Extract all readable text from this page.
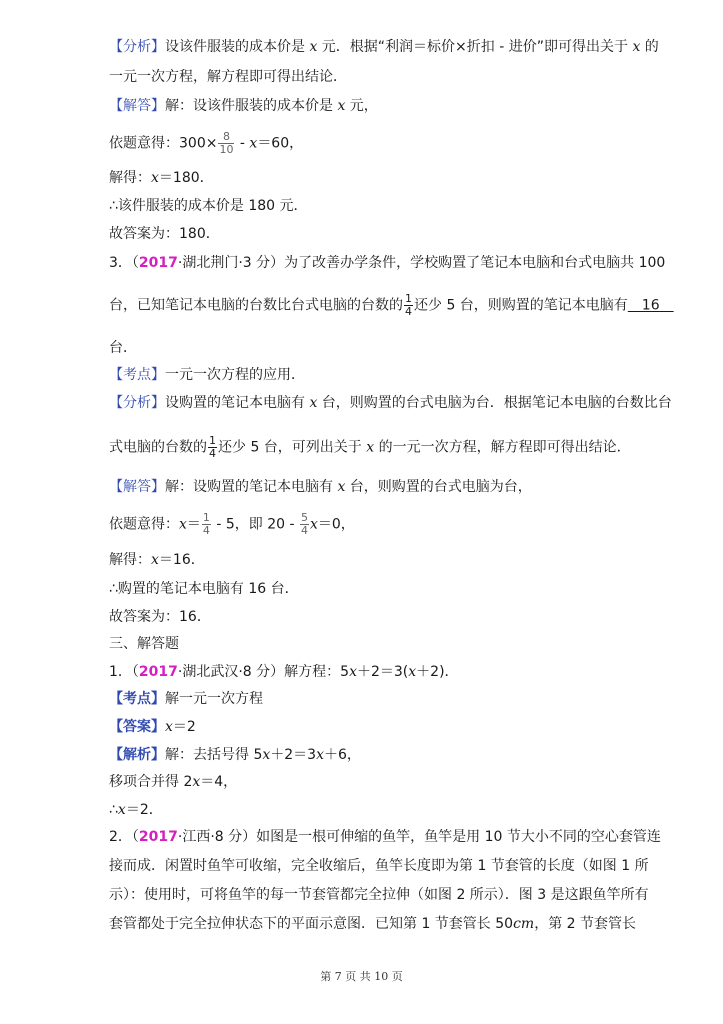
【分析】设该件服装的成本价是 x 元．根据“利润＝标价×折扣 - 进价”即可得出关于 x 的
一元一次方程，解方程即可得出结论．
【解答】解：设该件服装的成本价是 x 元，
依题意得：$300\times \frac{8}{10} - x=60$，
解得：x＝180．
∴该件服装的成本价是 180 元．
故答案为：180．
3．（2017·湖北荆门·3 分）为了改善办学条件，学校购置了笔记本电脑和台式电脑共 100
台，已知笔记本电脑的台数比台式电脑的台数的 $\frac{1}{4}$ 还少 5 台，则购置的笔记本电脑有　16　
台．
【考点】一元一次方程的应用．
【分析】设购置的笔记本电脑有 x 台，则购置的台式电脑为台．根据笔记本电脑的台数比台
式电脑的台数的 $\frac{1}{4}$ 还少 5 台，可列出关于 x 的一元一次方程，解方程即可得出结论．
【解答】解：设购置的笔记本电脑有 x 台，则购置的台式电脑为台，
依题意得：$x= \frac{1}{4} - 5$，即 $20 - \frac{5}{4} x=0$，
解得：x＝16．
∴购置的笔记本电脑有 16 台．
故答案为：16．
三、解答题
1．（2017·湖北武汉·8 分）解方程：5x＋2＝3(x＋2)．
【考点】解一元一次方程
【答案】x＝2
【解析】解：去括号得 5x＋2＝3x＋6，
移项合并得 2x＝4，
∴x＝2．
2．（2017·江西·8 分）如图是一根可伸缩的鱼竿，鱼竿是用 10 节大小不同的空心套管连
接而成．闲置时鱼竿可收缩，完全收缩后，鱼竿长度即为第 1 节套管的长度（如图 1 所
示）：使用时，可将鱼竿的每一节套管都完全拉伸（如图 2 所示）．图 3 是这跟鱼竿所有
套管都处于完全拉伸状态下的平面示意图．已知第 1 节套管长 50cm，第 2 节套管长
第 7 页 共 10 页
